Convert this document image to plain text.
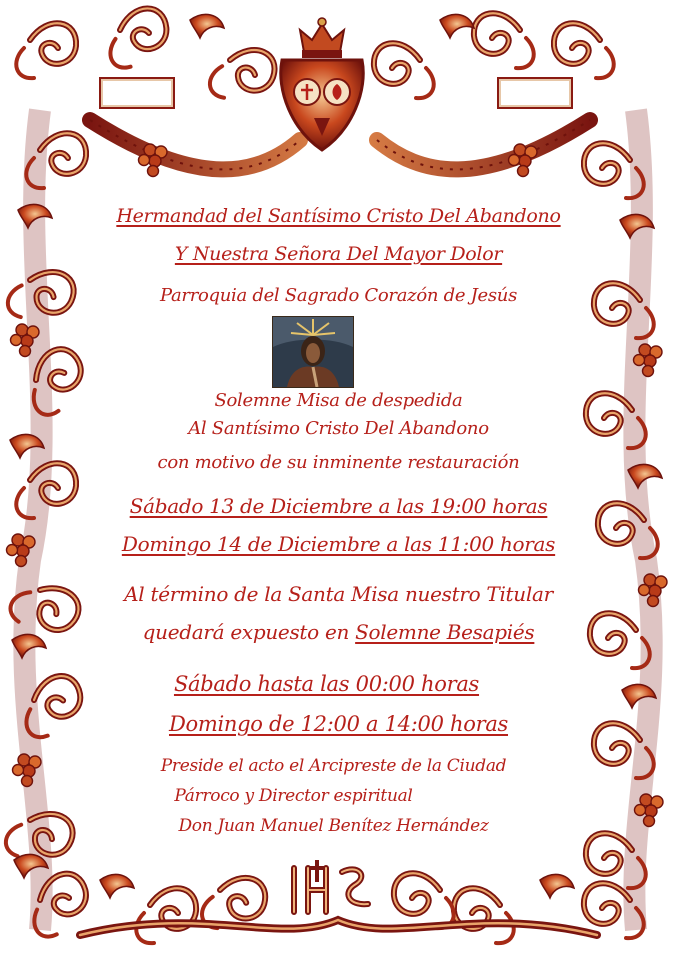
Hermandad del Santísimo Cristo Del Abandono
Y Nuestra Señora Del Mayor Dolor
Parroquia del Sagrado Corazón de Jesús
Solemne Misa de despedida
Al Santísimo Cristo Del Abandono
con motivo de su inminente restauración
Sábado 13 de Diciembre a las 19:00 horas
Domingo 14 de Diciembre a las 11:00 horas
Al término de la Santa Misa nuestro Titular
quedará expuesto en Solemne Besapiés
Sábado hasta las 00:00 horas
Domingo de 12:00 a 14:00 horas
Preside el acto el Arcipreste de la Ciudad
Párroco y Director espiritual
Don Juan Manuel Benítez Hernández
